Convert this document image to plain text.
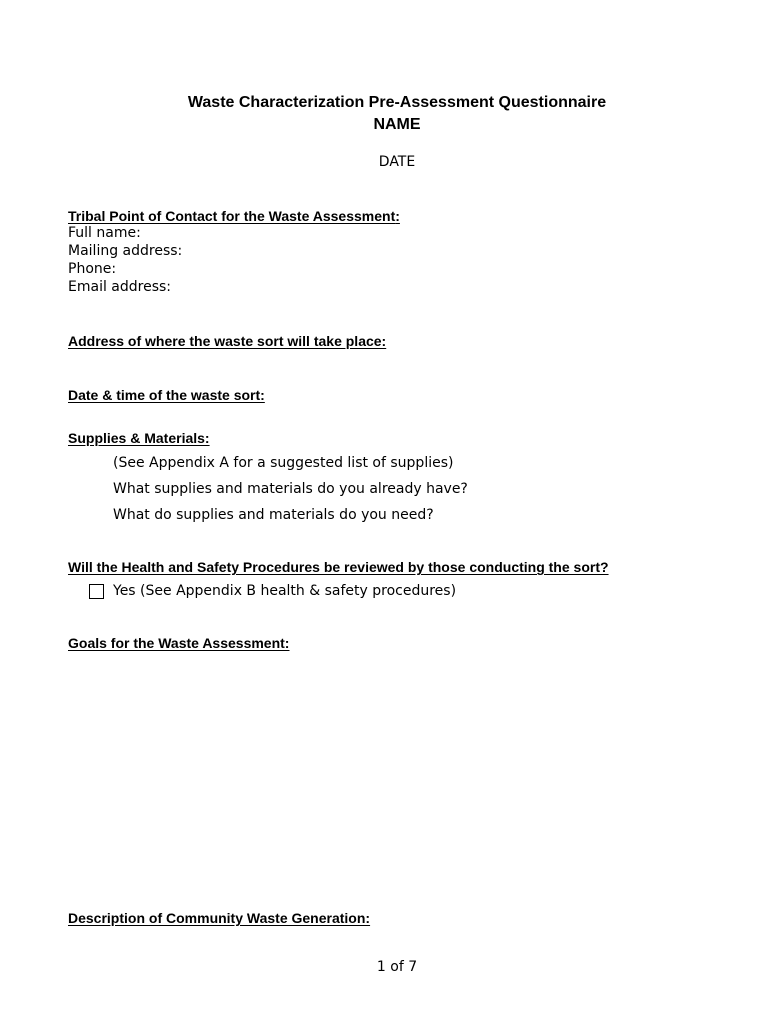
Waste Characterization Pre-Assessment Questionnaire
NAME
DATE
Tribal Point of Contact for the Waste Assessment:
Full name:
Mailing address:
Phone:
Email address:
Address of where the waste sort will take place:
Date & time of the waste sort:
Supplies & Materials:
(See Appendix A for a suggested list of supplies)
What supplies and materials do you already have?
What do supplies and materials do you need?
Will the Health and Safety Procedures be reviewed by those conducting the sort?
Yes (See Appendix B health & safety procedures)
Goals for the Waste Assessment:
Description of Community Waste Generation:
1 of 7
